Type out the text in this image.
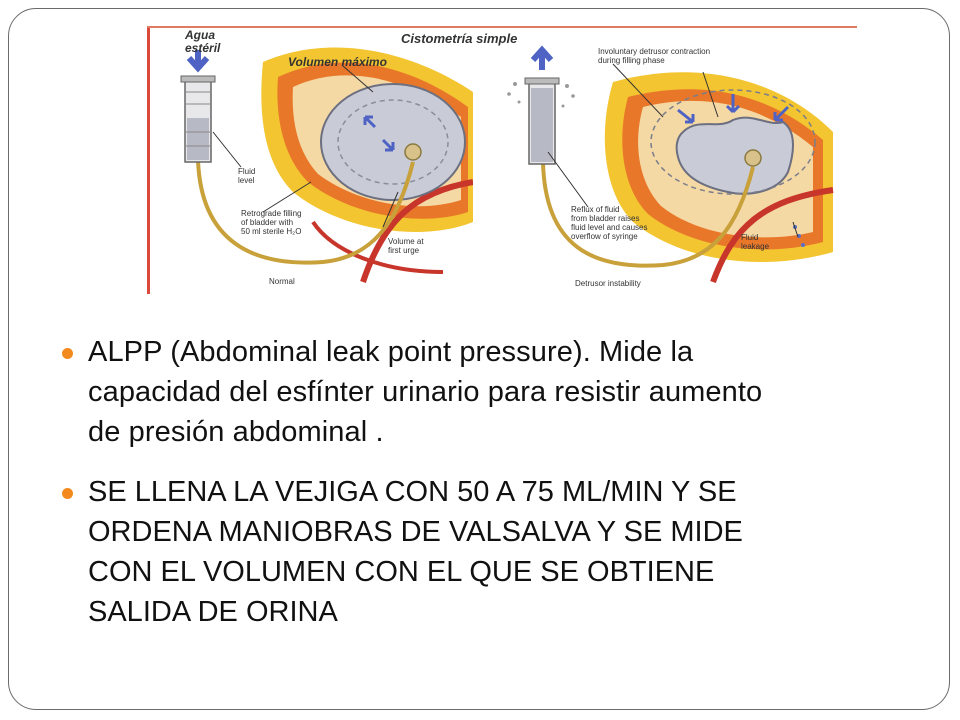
Agua
estéril
Volumen máximo
Fluid
level
Retrograde filling
of bladder with
50 ml sterile H₂O
Volume at
first urge
Normal
Cistometría simple
Involuntary detrusor contraction
during filling phase
Reflux of fluid
from bladder raises
fluid level and causes
overflow of syringe	Fluid
leakage
Detrusor instability
ALPP (Abdominal leak point pressure). Mide la
capacidad del esfínter urinario para resistir aumento
de presión abdominal .
SE LLENA LA VEJIGA CON 50 A 75 ML/MIN Y SE
ORDENA MANIOBRAS DE VALSALVA Y SE MIDE
CON EL VOLUMEN CON EL QUE SE OBTIENE
SALIDA DE ORINA
